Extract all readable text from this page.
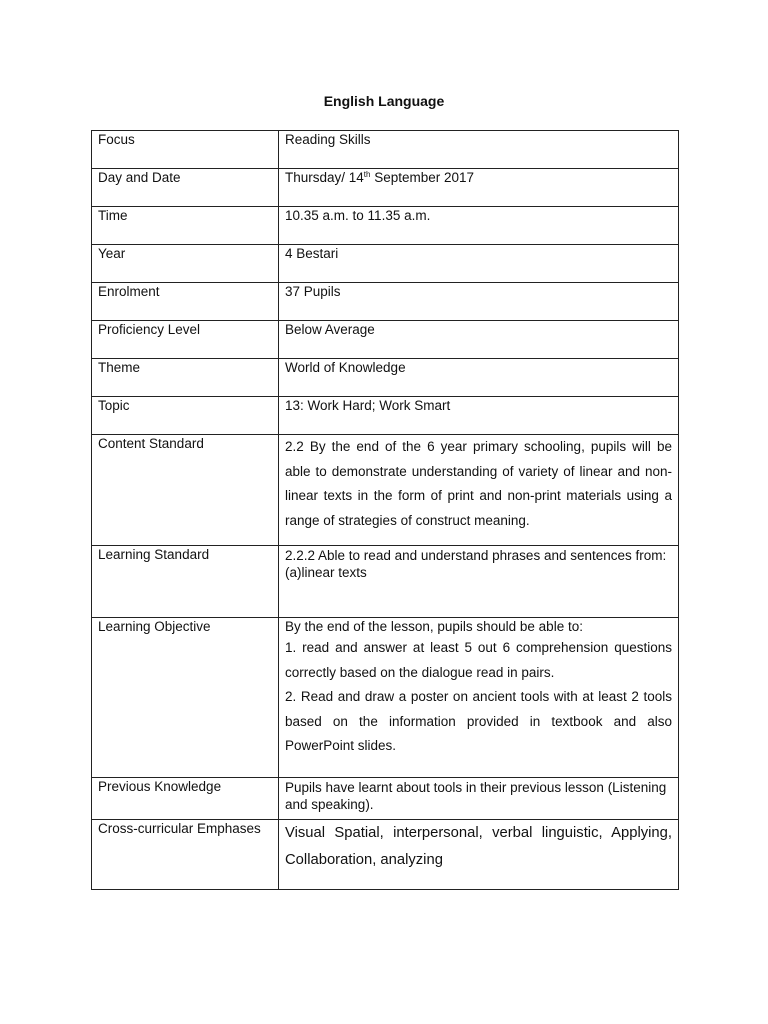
English Language
Focus	Reading Skills
Day and Date	Thursday/ 14th September 2017
Time	10.35 a.m. to 11.35 a.m.
Year	4 Bestari
Enrolment	37 Pupils
Proficiency Level	Below Average
Theme	World of Knowledge
Topic	13: Work Hard; Work Smart
Content Standard	2.2 By the end of the 6 year primary schooling, pupils will be able to demonstrate understanding of variety of linear and non-linear texts in the form of print and non-print materials using a range of strategies of construct meaning.

Learning Standard	2.2.2 Able to read and understand phrases and sentences from:

(a)linear texts

Learning Objective	By the end of the lesson, pupils should be able to:

1. read and answer at least 5 out 6 comprehension questions correctly based on the dialogue read in pairs.

2. Read and draw a poster on ancient tools with at least 2 tools based on the information provided in textbook and also PowerPoint slides.

Previous Knowledge	Pupils have learnt about tools in their previous lesson (Listening and speaking).
Cross-curricular Emphases	Visual Spatial, interpersonal, verbal linguistic, Applying, Collaboration, analyzing
